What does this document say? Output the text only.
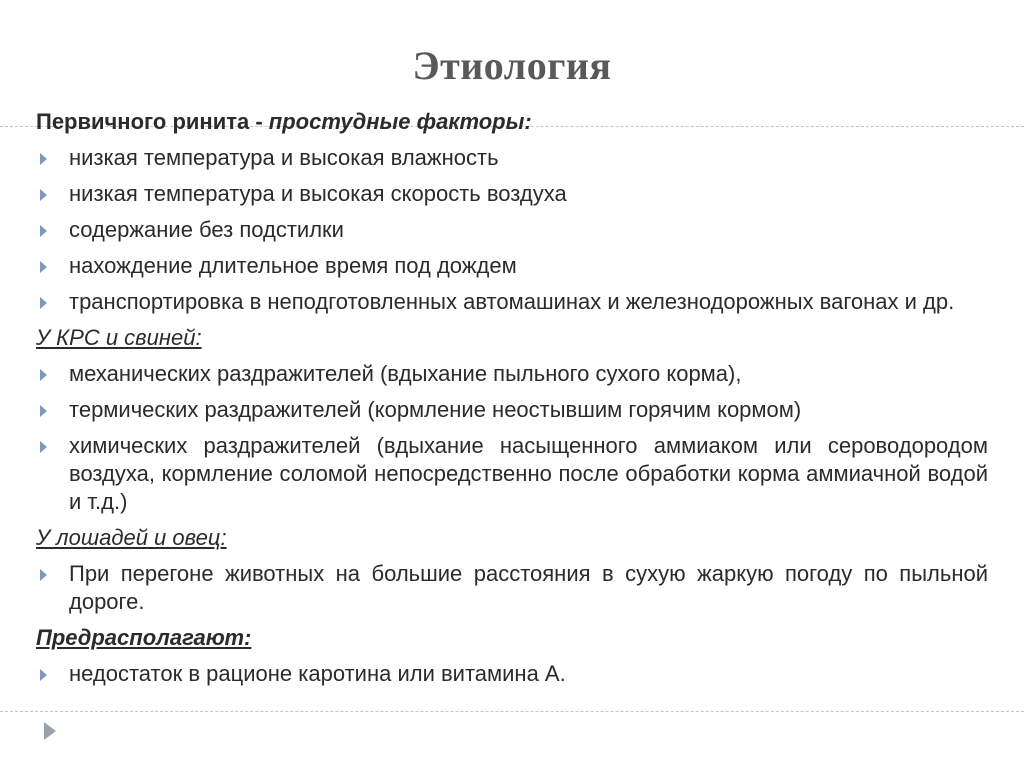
Этиология
Первичного ринита - простудные факторы:
низкая температура и высокая влажность
низкая температура и высокая скорость воздуха
содержание без подстилки
нахождение длительное время под дождем
транспортировка в неподготовленных автомашинах и железнодорожных вагонах и др.
У КРС и свиней:
механических раздражителей (вдыхание пыльного сухого корма),
термических раздражителей (кормление неостывшим горячим кормом)
химических раздражителей (вдыхание насыщенного аммиаком или сероводородом воздуха, кормление соломой непосредственно после обработки корма аммиачной водой и т.д.)
У лошадей и овец:
При перегоне животных на большие расстояния в сухую жаркую погоду по пыльной дороге.
Предрасполагают:
недостаток в рационе каротина или витамина А.
